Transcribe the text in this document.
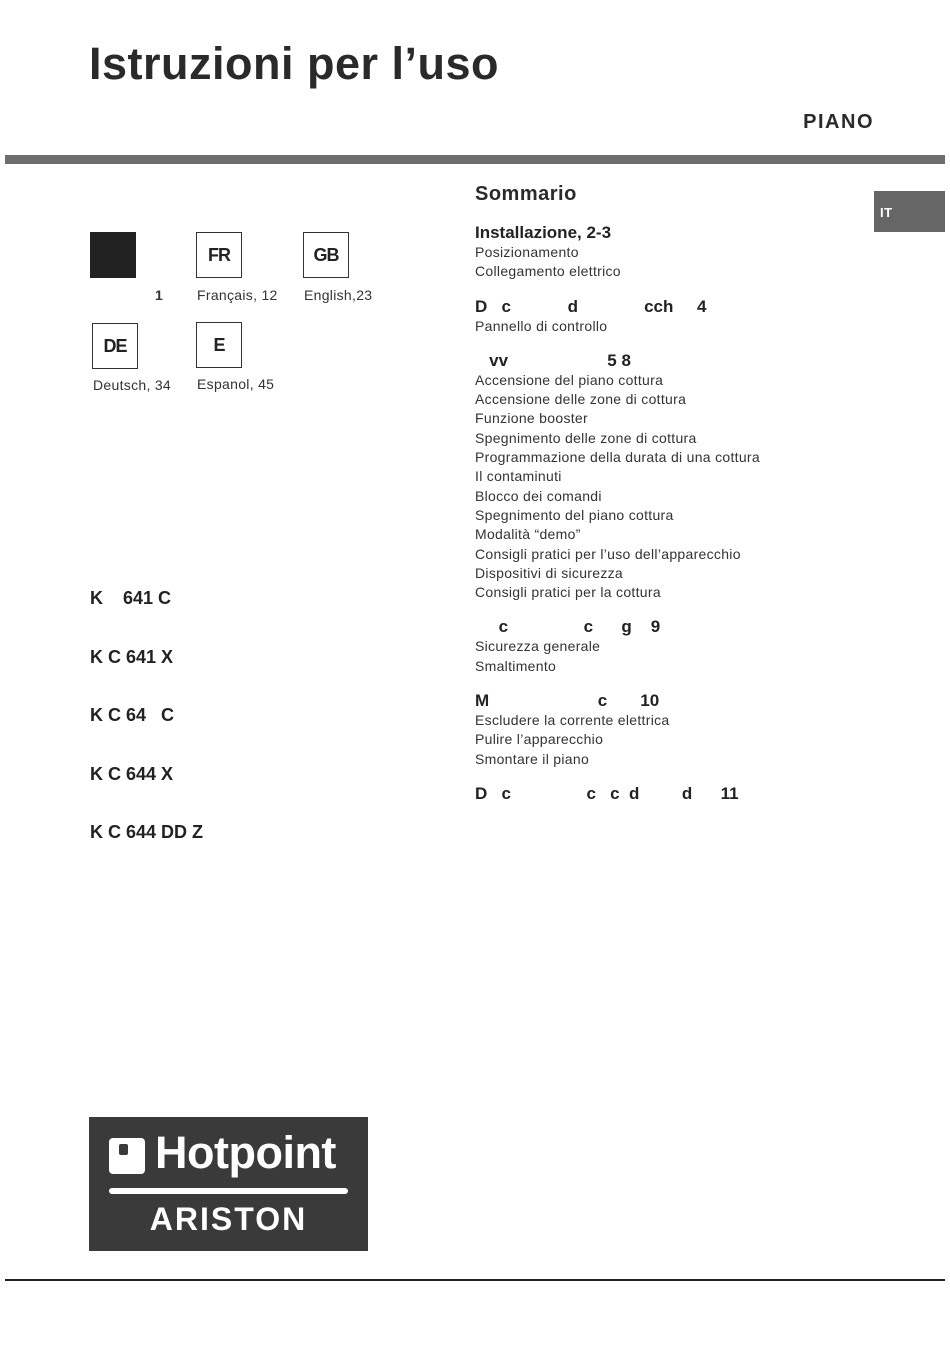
Istruzioni per l’uso
PIANO
1
FR
Français, 12
GB
English,23
DE
Deutsch, 34
E
Espanol, 45

K    641 C

K C 641 X

K C 64   C

K C 644 X

K C 644 DD Z

Sommario
Installazione, 2-3
Posizionamento
Collegamento elettrico
D   c            d              cch     4
Pannello di controllo
vv                     5 8
Accensione del piano cottura
Accensione delle zone di cottura
Funzione booster
Spegnimento delle zone di cottura
Programmazione della durata di una cottura
Il contaminuti
Blocco dei comandi
Spegnimento del piano cottura
Modalità “demo”
Consigli pratici per l’uso dell’apparecchio
Dispositivi di sicurezza
Consigli pratici per la cottura
c                c      g    9
Sicurezza generale
Smaltimento
M                       c       10
Escludere la corrente elettrica
Pulire l’apparecchio
Smontare il piano
D   c                c   c  d         d      11
IT
Hotpoint
ARISTON
